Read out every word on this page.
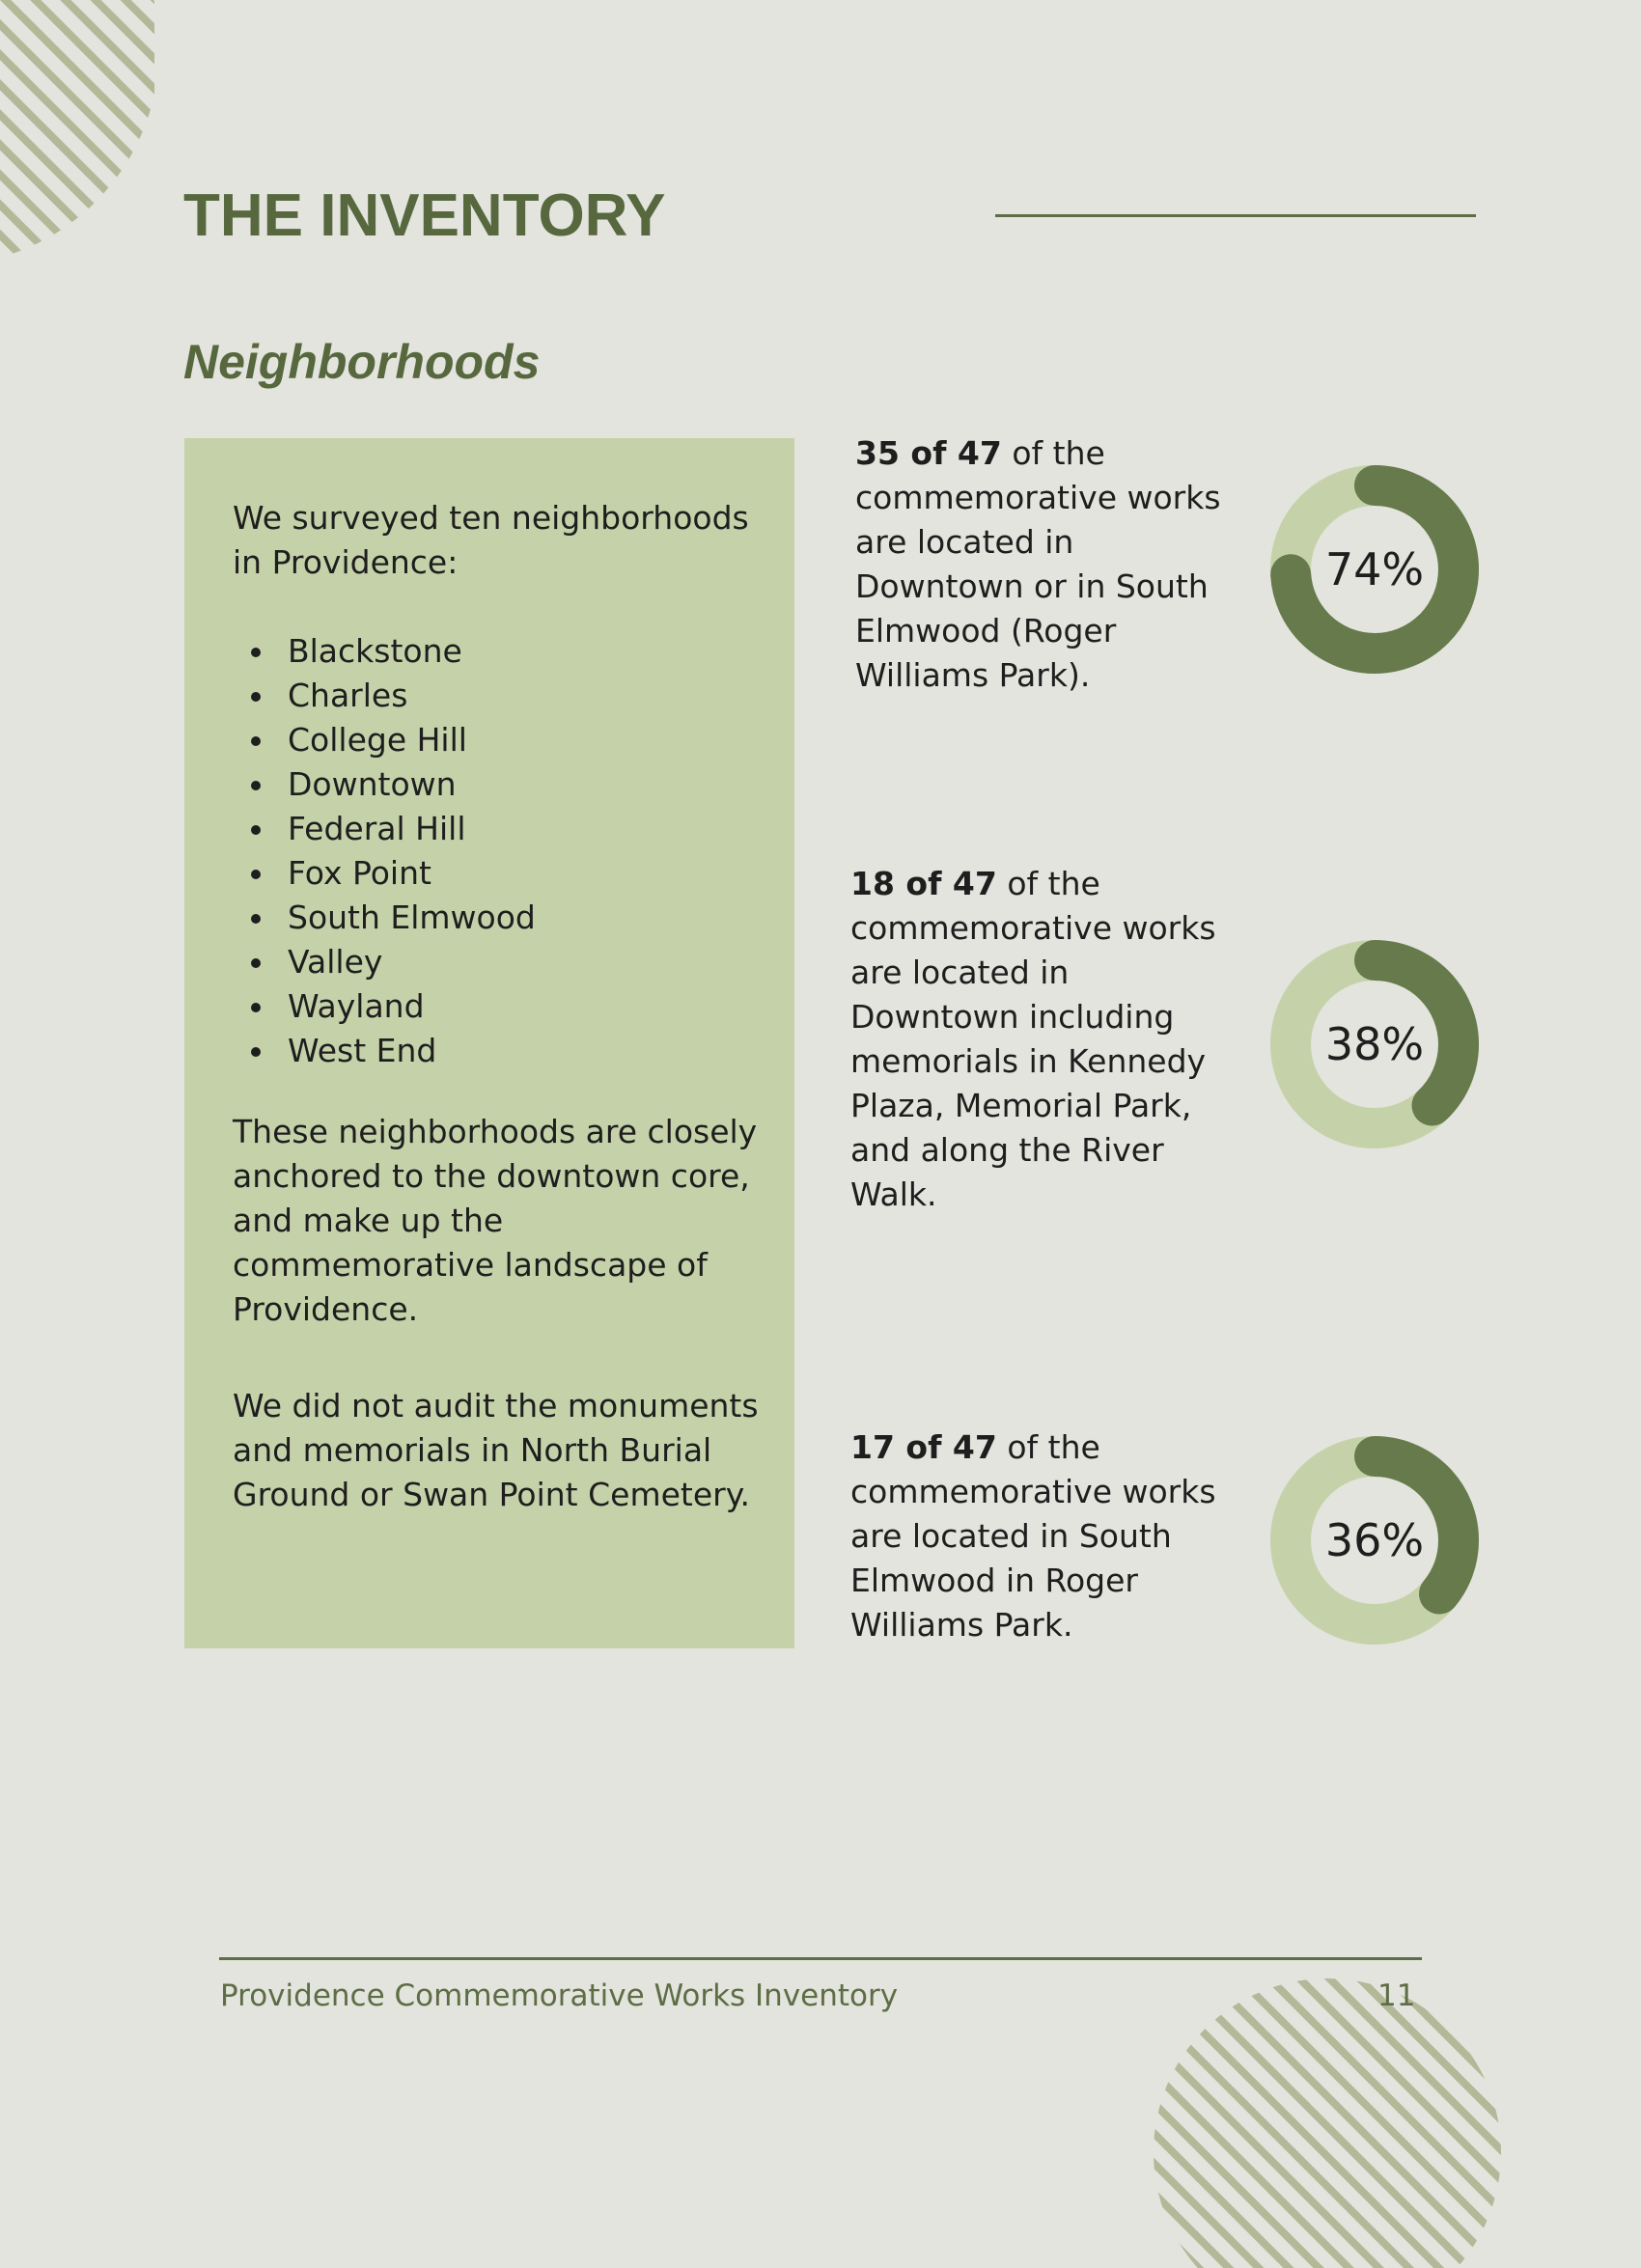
THE INVENTORY
Neighborhoods

We surveyed ten neighborhoods in Providence:

Blackstone
Charles
College Hill
Downtown
Federal Hill
Fox Point
South Elmwood
Valley
Wayland
West End

These neighborhoods are closely anchored to the downtown core, and make up the commemorative landscape of Providence.

We did not audit the monuments and memorials in North Burial Ground or Swan Point Cemetery.

35 of 47 of the commemorative works are located in Downtown or in South Elmwood (Roger Williams Park).

74%

18 of 47 of the commemorative works are located in Downtown including memorials in Kennedy Plaza, Memorial Park, and along the River Walk.

38%

17 of 47 of the commemorative works are located in South Elmwood in Roger Williams Park.

36%

Providence Commemorative Works Inventory	11
